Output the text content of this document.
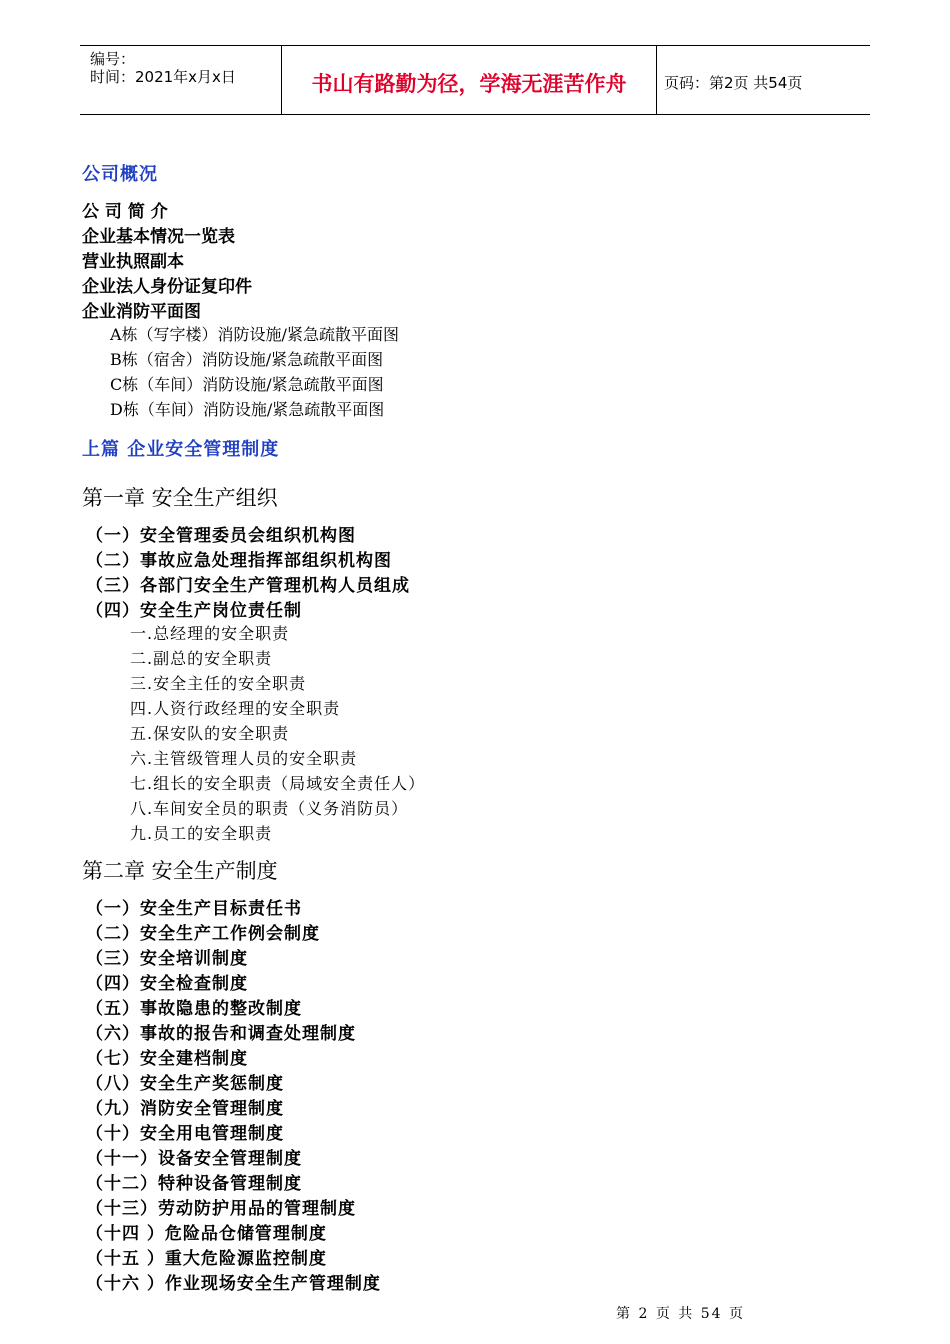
编号：
时间：2021年x月x日	书山有路勤为径，学海无涯苦作舟	页码：第2页 共54页
公司概况
公 司 简 介
企业基本情况一览表
营业执照副本
企业法人身份证复印件
企业消防平面图
A栋（写字楼）消防设施/紧急疏散平面图
B栋（宿舍）消防设施/紧急疏散平面图
C栋（车间）消防设施/紧急疏散平面图
D栋（车间）消防设施/紧急疏散平面图
上篇 企业安全管理制度
第一章 安全生产组织
（一）安全管理委员会组织机构图
（二）事故应急处理指挥部组织机构图
（三）各部门安全生产管理机构人员组成
（四）安全生产岗位责任制
一.总经理的安全职责
二.副总的安全职责
三.安全主任的安全职责
四.人资行政经理的安全职责
五.保安队的安全职责
六.主管级管理人员的安全职责
七.组长的安全职责（局域安全责任人）
八.车间安全员的职责（义务消防员）
九.员工的安全职责
第二章 安全生产制度
（一）安全生产目标责任书
（二）安全生产工作例会制度
（三）安全培训制度
（四）安全检查制度
（五）事故隐患的整改制度
（六）事故的报告和调查处理制度
（七）安全建档制度
（八）安全生产奖惩制度
（九）消防安全管理制度
（十）安全用电管理制度
（十一）设备安全管理制度
（十二）特种设备管理制度
（十三）劳动防护用品的管理制度
（十四 ）危险品仓储管理制度
（十五 ）重大危险源监控制度
（十六 ）作业现场安全生产管理制度
第 2 页 共 54 页
